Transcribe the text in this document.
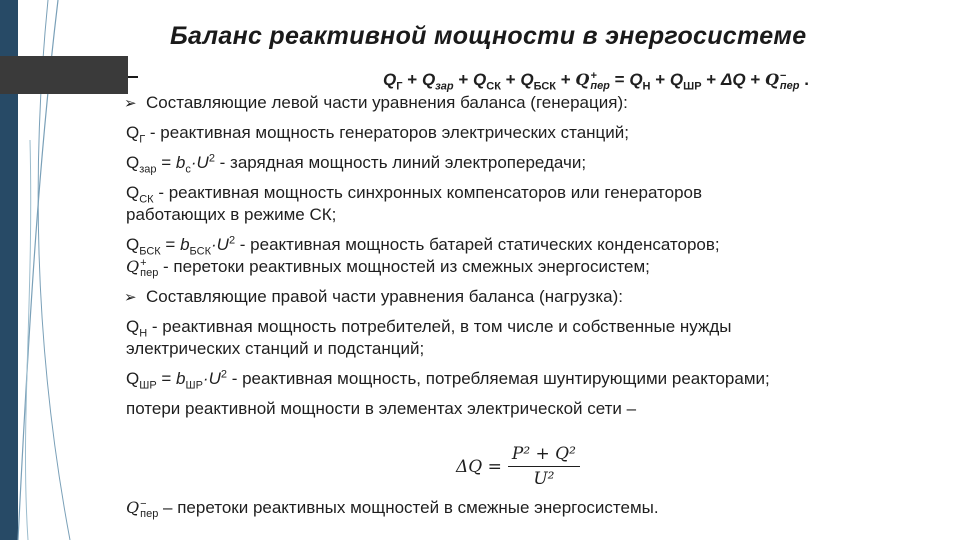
Баланс реактивной мощности в энергосистеме
$Q_Г + Q_{зар} + Q_{СК} + Q_{БСК} + Q$ +
пер = $Q_Н + Q_{ШР} + \Delta Q + Q$ −
пер .
➢ Составляющие левой части уравнения баланса (генерация):
$Q_Г$ - реактивная мощность генераторов электрических станций;
$Q_{зар} = b_c\cdot U^2$ - зарядная мощность линий электропередачи;
$Q_{СК}$ - реактивная мощность синхронных компенсаторов или генераторов
работающих в режиме СК;
$Q_{БСК} = b_{БСК}\cdot U^2$ - реактивная мощность батарей статических конденсаторов;
Q +
пер - перетоки реактивных мощностей из смежных энергосистем;
➢ Составляющие правой части уравнения баланса (нагрузка):
$Q_Н$ - реактивная мощность потребителей, в том числе и собственные нужды
электрических станций и подстанций;
$Q_{ШР} = b_{ШР}\cdot U^2$ - реактивная мощность, потребляемая шунтирующими реакторами;
потери реактивной мощности в элементах электрической сети –
$\Delta Q = \frac{\text{P² + Q²}}{\text{U²}}$
Q −
пер – перетоки реактивных мощностей в смежные энергосистемы.
